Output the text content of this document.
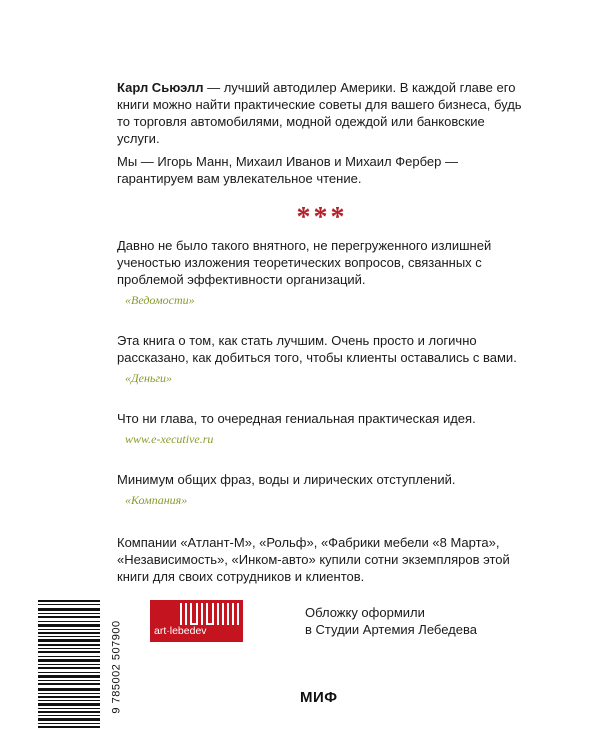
Карл Сьюэлл — лучший автодилер Америки. В каждой главе его книги можно найти практические советы для вашего бизнеса, будь то торговля автомобилями, модной одеждой или банковские услуги.

Мы — Игорь Манн, Михаил Иванов и Михаил Фербер — гарантируем вам увлекательное чтение.

***

Давно не было такого внятного, не перегруженного излишней ученостью изложения теоретических вопросов, связанных с проблемой эффективности организаций.

«Ведомости»

Эта книга о том, как стать лучшим. Очень просто и логично рассказано, как добиться того, чтобы клиенты оставались с вами.

«Деньги»

Что ни глава, то очередная гениальная практическая идея.

www.e-xecutive.ru

Минимум общих фраз, воды и лирических отступлений.

«Компания»

Компании «Атлант-М», «Рольф», «Фабрики мебели «8 Марта», «Независимость», «Инком-авто» купили сотни экземпляров этой книги для своих сотрудников и клиентов.

9 785002 507900	art·lebedev
Обложку оформили
в Студии Артемия Лебедева
МИФ
